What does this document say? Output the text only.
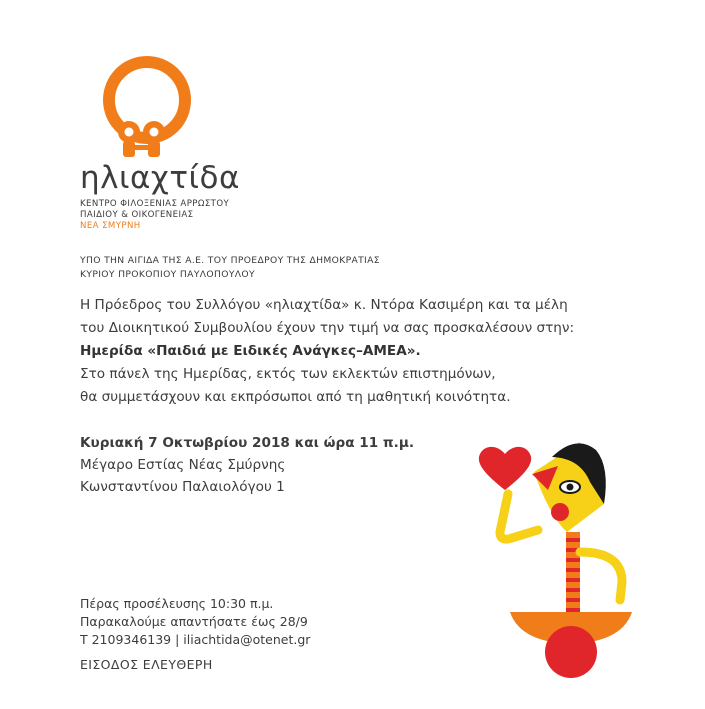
ηλιαχτίδα
ΚΕΝΤΡΟ ΦΙΛΟΞΕΝΙΑΣ ΑΡΡΩΣΤΟΥ
ΠΑΙΔΙΟΥ & ΟΙΚΟΓΕΝΕΙΑΣ
ΝΕΑ ΣΜΥΡΝΗ
ΥΠΟ ΤΗΝ ΑΙΓΙΔΑ ΤΗΣ Α.Ε. ΤΟΥ ΠΡΟΕΔΡΟΥ ΤΗΣ ΔΗΜΟΚΡΑΤΙΑΣ
ΚΥΡΙΟΥ ΠΡΟΚΟΠΙΟΥ ΠΑΥΛΟΠΟΥΛΟΥ
Η Πρόεδρος του Συλλόγου «ηλιαχτίδα» κ. Ντόρα Κασιμέρη και τα μέλη
του Διοικητικού Συμβουλίου έχουν την τιμή να σας προσκαλέσουν στην:
Ημερίδα «Παιδιά με Ειδικές Ανάγκες–ΑΜΕΑ».
Στο πάνελ της Ημερίδας, εκτός των εκλεκτών επιστημόνων,
θα συμμετάσχουν και εκπρόσωποι από τη μαθητική κοινότητα.
Κυριακή 7 Οκτωβρίου 2018 και ώρα 11 π.μ.
Μέγαρο Εστίας Νέας Σμύρνης
Κωνσταντίνου Παλαιολόγου 1
Πέρας προσέλευσης 10:30 π.μ.
Παρακαλούμε απαντήσατε έως 28/9
T 2109346139 | iliachtida@otenet.gr
ΕΙΣΟΔΟΣ ΕΛΕΥΘΕΡΗ
